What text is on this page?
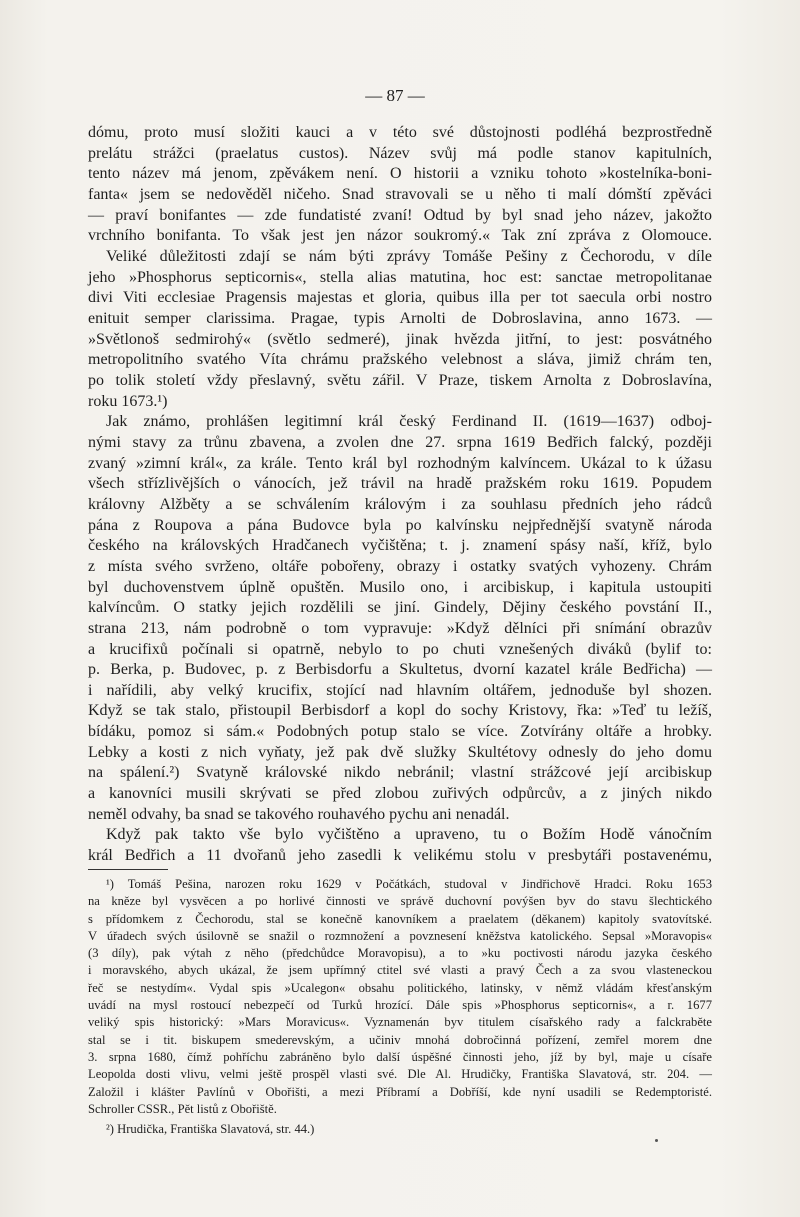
— 87 —
dómu, proto musí složiti kauci a v této své důstojnosti podléhá bezprostředně
prelátu strážci (praelatus custos). Název svůj má podle stanov kapitulních,
tento název má jenom, zpěvákem není. O historii a vzniku tohoto »kostelníka-boni-
fanta« jsem se nedověděl ničeho. Snad stravovali se u něho ti malí dómští zpěváci
— praví bonifantes — zde fundatisté zvaní! Odtud by byl snad jeho název, jakožto
vrchního bonifanta. To však jest jen názor soukromý.« Tak zní zpráva z Olomouce.
Veliké důležitosti zdají se nám býti zprávy Tomáše Pešiny z Čechorodu, v díle
jeho »Phosphorus septicornis«, stella alias matutina, hoc est: sanctae metropolitanae
divi Viti ecclesiae Pragensis majestas et gloria, quibus illa per tot saecula orbi nostro
enituit semper clarissima. Pragae, typis Arnolti de Dobroslavina, anno 1673. —
»Světlonoš sedmirohý« (světlo sedmeré), jinak hvězda jitřní, to jest: posvátného
metropolitního svatého Víta chrámu pražského velebnost a sláva, jimiž chrám ten,
po tolik století vždy přeslavný, světu zářil. V Praze, tiskem Arnolta z Dobroslavína,
roku 1673.¹)
Jak známo, prohlášen legitimní král český Ferdinand II. (1619—1637) odboj-
nými stavy za trůnu zbavena, a zvolen dne 27. srpna 1619 Bedřich falcký, později
zvaný »zimní král«, za krále. Tento král byl rozhodným kalvíncem. Ukázal to k úžasu
všech střízlivějších o vánocích, jež trávil na hradě pražském roku 1619. Popudem
královny Alžběty a se schválením královým i za souhlasu předních jeho rádců
pána z Roupova a pána Budovce byla po kalvínsku nejpřednější svatyně národa
českého na královských Hradčanech vyčištěna; t. j. znamení spásy naší, kříž, bylo
z místa svého svrženo, oltáře pobořeny, obrazy i ostatky svatých vyhozeny. Chrám
byl duchovenstvem úplně opuštěn. Musilo ono, i arcibiskup, i kapitula ustoupiti
kalvíncům. O statky jejich rozdělili se jiní. Gindely, Dějiny českého povstání II.,
strana 213, nám podrobně o tom vypravuje: »Když dělníci při snímání obrazův
a krucifixů počínali si opatrně, nebylo to po chuti vznešených diváků (bylif to:
p. Berka, p. Budovec, p. z Berbisdorfu a Skultetus, dvorní kazatel krále Bedřicha) —
i nařídili, aby velký krucifix, stojící nad hlavním oltářem, jednoduše byl shozen.
Když se tak stalo, přistoupil Berbisdorf a kopl do sochy Kristovy, řka: »Teď tu ležíš,
bídáku, pomoz si sám.« Podobných potup stalo se více. Zotvírány oltáře a hrobky.
Lebky a kosti z nich vyňaty, jež pak dvě služky Skultétovy odnesly do jeho domu
na spálení.²) Svatyně královské nikdo nebránil; vlastní strážcové její arcibiskup
a kanovníci musili skrývati se před zlobou zuřivých odpůrcův, a z jiných nikdo
neměl odvahy, ba snad se takového rouhavého pychu ani nenadál.
Když pak takto vše bylo vyčištěno a upraveno, tu o Božím Hodě vánočním
král Bedřich a 11 dvořanů jeho zasedli k velikému stolu v presbytáři postavenému,
¹) Tomáš Pešina, narozen roku 1629 v Počátkách, studoval v Jindřichově Hradci. Roku 1653
na kněze byl vysvěcen a po horlivé činnosti ve správě duchovní povýšen byv do stavu šlechtického
s přídomkem z Čechorodu, stal se konečně kanovníkem a praelatem (děkanem) kapitoly svatovítské.
V úřadech svých úsilovně se snažil o rozmnožení a povznesení kněžstva katolického. Sepsal »Moravopis«
(3 díly), pak výtah z něho (předchůdce Moravopisu), a to »ku poctivosti národu jazyka českého
i moravského, abych ukázal, že jsem upřímný ctitel své vlasti a pravý Čech a za svou vlasteneckou
řeč se nestydím«. Vydal spis »Ucalegon« obsahu politického, latinsky, v němž vládám křesťanským
uvádí na mysl rostoucí nebezpečí od Turků hrozící. Dále spis »Phosphorus septicornis«, a r. 1677
veliký spis historický: »Mars Moravicus«. Vyznamenán byv titulem císařského rady a falckraběte
stal se i tit. biskupem smederevským, a učiniv mnohá dobročinná pořízení, zemřel morem dne
3. srpna 1680, čímž pohříchu zabráněno bylo další úspěšné činnosti jeho, jíž by byl, maje u císaře
Leopolda dosti vlivu, velmi ještě prospěl vlasti své. Dle Al. Hrudičky, Františka Slavatová, str. 204. —
Založil i klášter Pavlínů v Obořišti, a mezi Příbramí a Dobříší, kde nyní usadili se Redemptoristé.
Schroller CSSR., Pět listů z Obořiště.
²) Hrudička, Františka Slavatová, str. 44.)
